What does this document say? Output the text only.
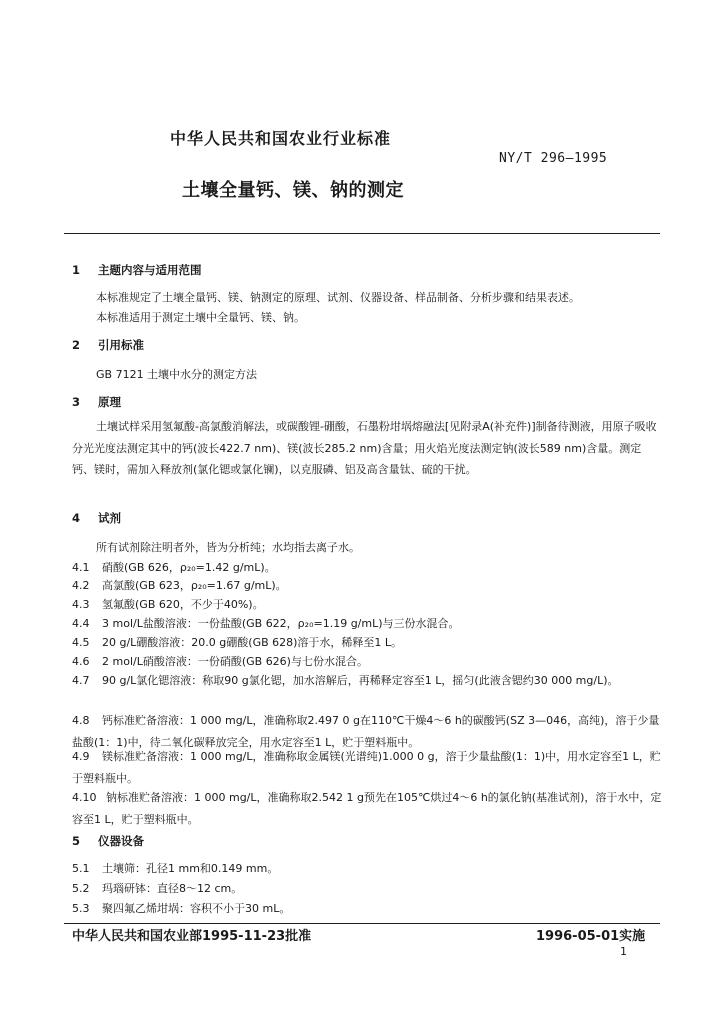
中华人民共和国农业行业标准
NY/T 296—1995
土壤全量钙、镁、钠的测定
1 主题内容与适用范围
本标准规定了土壤全量钙、镁、钠测定的原理、试剂、仪器设备、样品制备、分析步骤和结果表述。
本标准适用于测定土壤中全量钙、镁、钠。
2 引用标准
GB 7121 土壤中水分的测定方法
3 原理
土壤试样采用氢氟酸-高氯酸消解法，或碳酸锂-硼酸，石墨粉坩埚熔融法[见附录A(补充件)]制备待测液，用原子吸收分光光度法测定其中的钙(波长422.7 nm)、镁(波长285.2 nm)含量；用火焰光度法测定钠(波长589 nm)含量。测定钙、镁时，需加入释放剂(氯化锶或氯化镧)，以克服磷、铝及高含量钛、硫的干扰。
4 试剂
所有试剂除注明者外，皆为分析纯；水均指去离子水。
4.1 硝酸(GB 626，ρ₂₀=1.42 g/mL)。
4.2 高氯酸(GB 623，ρ₂₀=1.67 g/mL)。
4.3 氢氟酸(GB 620，不少于40%)。
4.4 3 mol/L盐酸溶液：一份盐酸(GB 622，ρ₂₀=1.19 g/mL)与三份水混合。
4.5 20 g/L硼酸溶液：20.0 g硼酸(GB 628)溶于水，稀释至1 L。
4.6 2 mol/L硝酸溶液：一份硝酸(GB 626)与七份水混合。
4.7 90 g/L氯化锶溶液：称取90 g氯化锶，加水溶解后，再稀释定容至1 L，摇匀(此液含锶约30 000 mg/L)。
4.8 钙标准贮备溶液：1 000 mg/L，准确称取2.497 0 g在110℃干燥4～6 h的碳酸钙(SZ 3—046，高纯)，溶于少量盐酸(1：1)中，待二氧化碳释放完全，用水定容至1 L，贮于塑料瓶中。
4.9 镁标准贮备溶液：1 000 mg/L，准确称取金属镁(光谱纯)1.000 0 g，溶于少量盐酸(1：1)中，用水定容至1 L，贮于塑料瓶中。
4.10 钠标准贮备溶液：1 000 mg/L，准确称取2.542 1 g预先在105℃烘过4～6 h的氯化钠(基准试剂)，溶于水中，定容至1 L，贮于塑料瓶中。
5 仪器设备
5.1 土壤筛：孔径1 mm和0.149 mm。
5.2 玛瑙研钵：直径8～12 cm。
5.3 聚四氟乙烯坩埚：容积不小于30 mL。
中华人民共和国农业部1995-11-23批准	1996-05-01实施
1
